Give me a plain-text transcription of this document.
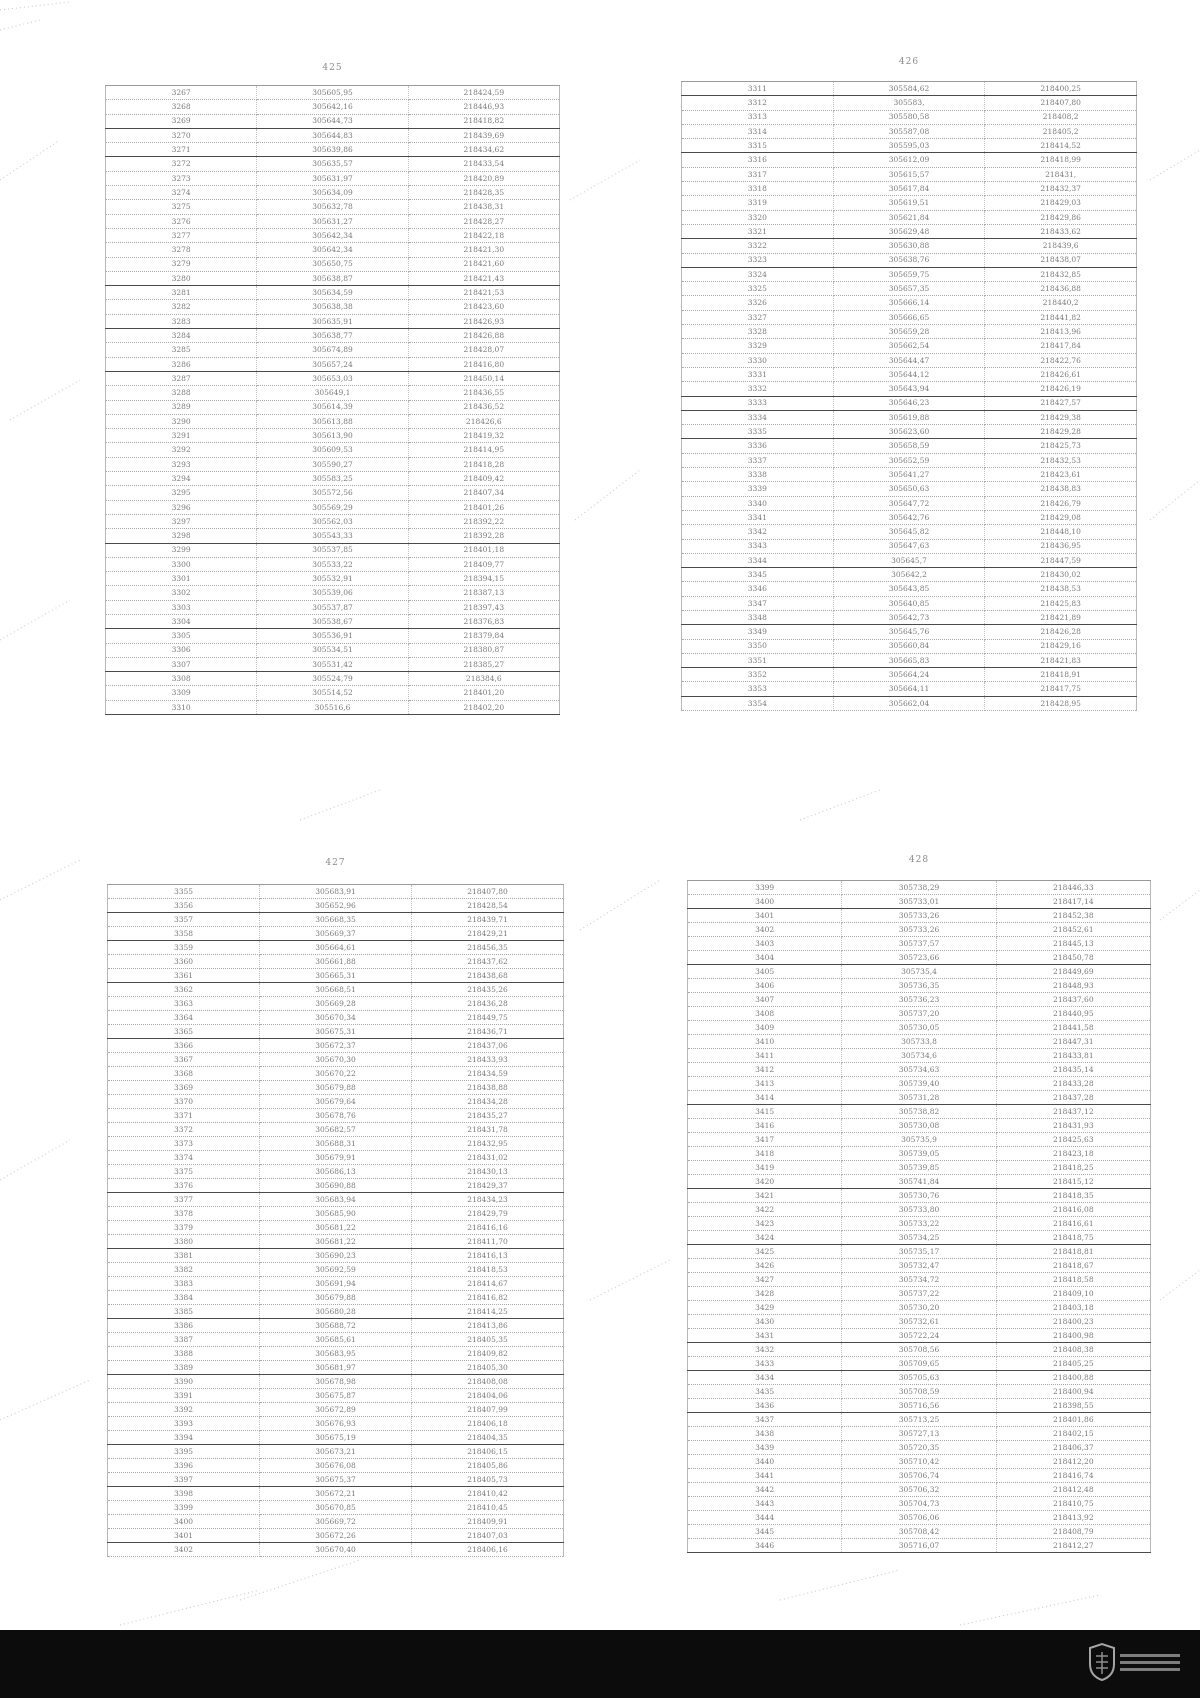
425
3267	305605,95	218424,59
3268	305642,16	218446,93
3269	305644,73	218418,82
3270	305644,83	218439,69
3271	305639,86	218434,62
3272	305635,57	218433,54
3273	305631,97	218420,89
3274	305634,09	218428,35
3275	305632,78	218438,31
3276	305631,27	218428,27
3277	305642,34	218422,18
3278	305642,34	218421,30
3279	305650,75	218421,60
3280	305638,87	218421,43
3281	305634,59	218421,53
3282	305638,38	218423,60
3283	305635,91	218426,93
3284	305638,77	218426,88
3285	305674,89	218428,07
3286	305657,24	218416,80
3287	305653,03	218450,14
3288	305649,1	218436,55
3289	305614,39	218436,52
3290	305613,88	218426,6
3291	305613,90	218419,32
3292	305609,53	218414,95
3293	305590,27	218418,28
3294	305583,25	218409,42
3295	305572,56	218407,34
3296	305569,29	218401,26
3297	305562,03	218392,22
3298	305543,33	218392,28
3299	305537,85	218401,18
3300	305533,22	218409,77
3301	305532,91	218394,15
3302	305539,06	218387,13
3303	305537,87	218397,43
3304	305538,67	218376,83
3305	305536,91	218379,84
3306	305534,51	218380,87
3307	305531,42	218385,27
3308	305524,79	218384,6
3309	305514,52	218401,20
3310	305516,6	218402,20
426
3311	305584,62	218400,25
3312	305583,	218407,80
3313	305580,58	218408,2
3314	305587,08	218405,2
3315	305595,03	218414,52
3316	305612,09	218418,99
3317	305615,57	218431,
3318	305617,84	218432,37
3319	305619,51	218429,03
3320	305621,84	218429,86
3321	305629,48	218433,62
3322	305630,88	218439,6
3323	305638,76	218438,07
3324	305659,75	218432,85
3325	305657,35	218436,88
3326	305666,14	218440,2
3327	305666,65	218441,82
3328	305659,28	218413,96
3329	305662,54	218417,84
3330	305644,47	218422,76
3331	305644,12	218426,61
3332	305643,94	218426,19
3333	305646,23	218427,57
3334	305619,88	218429,38
3335	305623,60	218429,28
3336	305658,59	218425,73
3337	305652,59	218432,53
3338	305641,27	218423,61
3339	305650,63	218438,83
3340	305647,72	218426,79
3341	305642,76	218429,08
3342	305645,82	218448,10
3343	305647,63	218436,95
3344	305645,7	218447,59
3345	305642,2	218430,02
3346	305643,85	218438,53
3347	305640,85	218425,83
3348	305642,73	218421,89
3349	305645,76	218426,28
3350	305660,84	218429,16
3351	305665,83	218421,83
3352	305664,24	218418,91
3353	305664,11	218417,75
3354	305662,04	218428,95
427
3355	305683,91	218407,80
3356	305652,96	218428,54
3357	305668,35	218439,71
3358	305669,37	218429,21
3359	305664,61	218456,35
3360	305661,88	218437,62
3361	305665,31	218438,68
3362	305668,51	218435,26
3363	305669,28	218436,28
3364	305670,34	218449,75
3365	305675,31	218436,71
3366	305672,37	218437,06
3367	305670,30	218433,93
3368	305670,22	218434,59
3369	305679,88	218438,88
3370	305679,64	218434,28
3371	305678,76	218435,27
3372	305682,57	218431,78
3373	305688,31	218432,95
3374	305679,91	218431,02
3375	305686,13	218430,13
3376	305690,88	218429,37
3377	305683,94	218434,23
3378	305685,90	218429,79
3379	305681,22	218416,16
3380	305681,22	218411,70
3381	305690,23	218416,13
3382	305692,59	218418,53
3383	305691,94	218414,67
3384	305679,88	218416,82
3385	305680,28	218414,25
3386	305688,72	218413,86
3387	305685,61	218405,35
3388	305683,95	218409,82
3389	305681,97	218405,30
3390	305678,98	218408,08
3391	305675,87	218404,06
3392	305672,89	218407,99
3393	305676,93	218406,18
3394	305675,19	218404,35
3395	305673,21	218406,15
3396	305676,08	218405,86
3397	305675,37	218405,73
3398	305672,21	218410,42
3399	305670,85	218410,45
3400	305669,72	218409,91
3401	305672,26	218407,03
3402	305670,40	218406,16
428
3399	305738,29	218446,33
3400	305733,01	218417,14
3401	305733,26	218452,38
3402	305733,26	218452,61
3403	305737,57	218445,13
3404	305723,66	218450,78
3405	305735,4	218449,69
3406	305736,35	218448,93
3407	305736,23	218437,60
3408	305737,20	218440,95
3409	305730,05	218441,58
3410	305733,8	218447,31
3411	305734,6	218433,81
3412	305734,63	218435,14
3413	305739,40	218433,28
3414	305731,28	218437,28
3415	305738,82	218437,12
3416	305730,08	218431,93
3417	305735,9	218425,63
3418	305739,05	218423,18
3419	305739,85	218418,25
3420	305741,84	218415,12
3421	305730,76	218418,35
3422	305733,80	218416,08
3423	305733,22	218416,61
3424	305734,25	218418,75
3425	305735,17	218418,81
3426	305732,47	218418,67
3427	305734,72	218418,58
3428	305737,22	218409,10
3429	305730,20	218403,18
3430	305732,61	218400,23
3431	305722,24	218400,98
3432	305708,56	218408,38
3433	305709,65	218405,25
3434	305705,63	218400,88
3435	305708,59	218400,94
3436	305716,56	218398,55
3437	305713,25	218401,86
3438	305727,13	218402,15
3439	305720,35	218406,37
3440	305710,42	218412,20
3441	305706,74	218416,74
3442	305706,32	218412,48
3443	305704,73	218410,75
3444	305706,06	218413,92
3445	305708,42	218408,79
3446	305716,07	218412,27
